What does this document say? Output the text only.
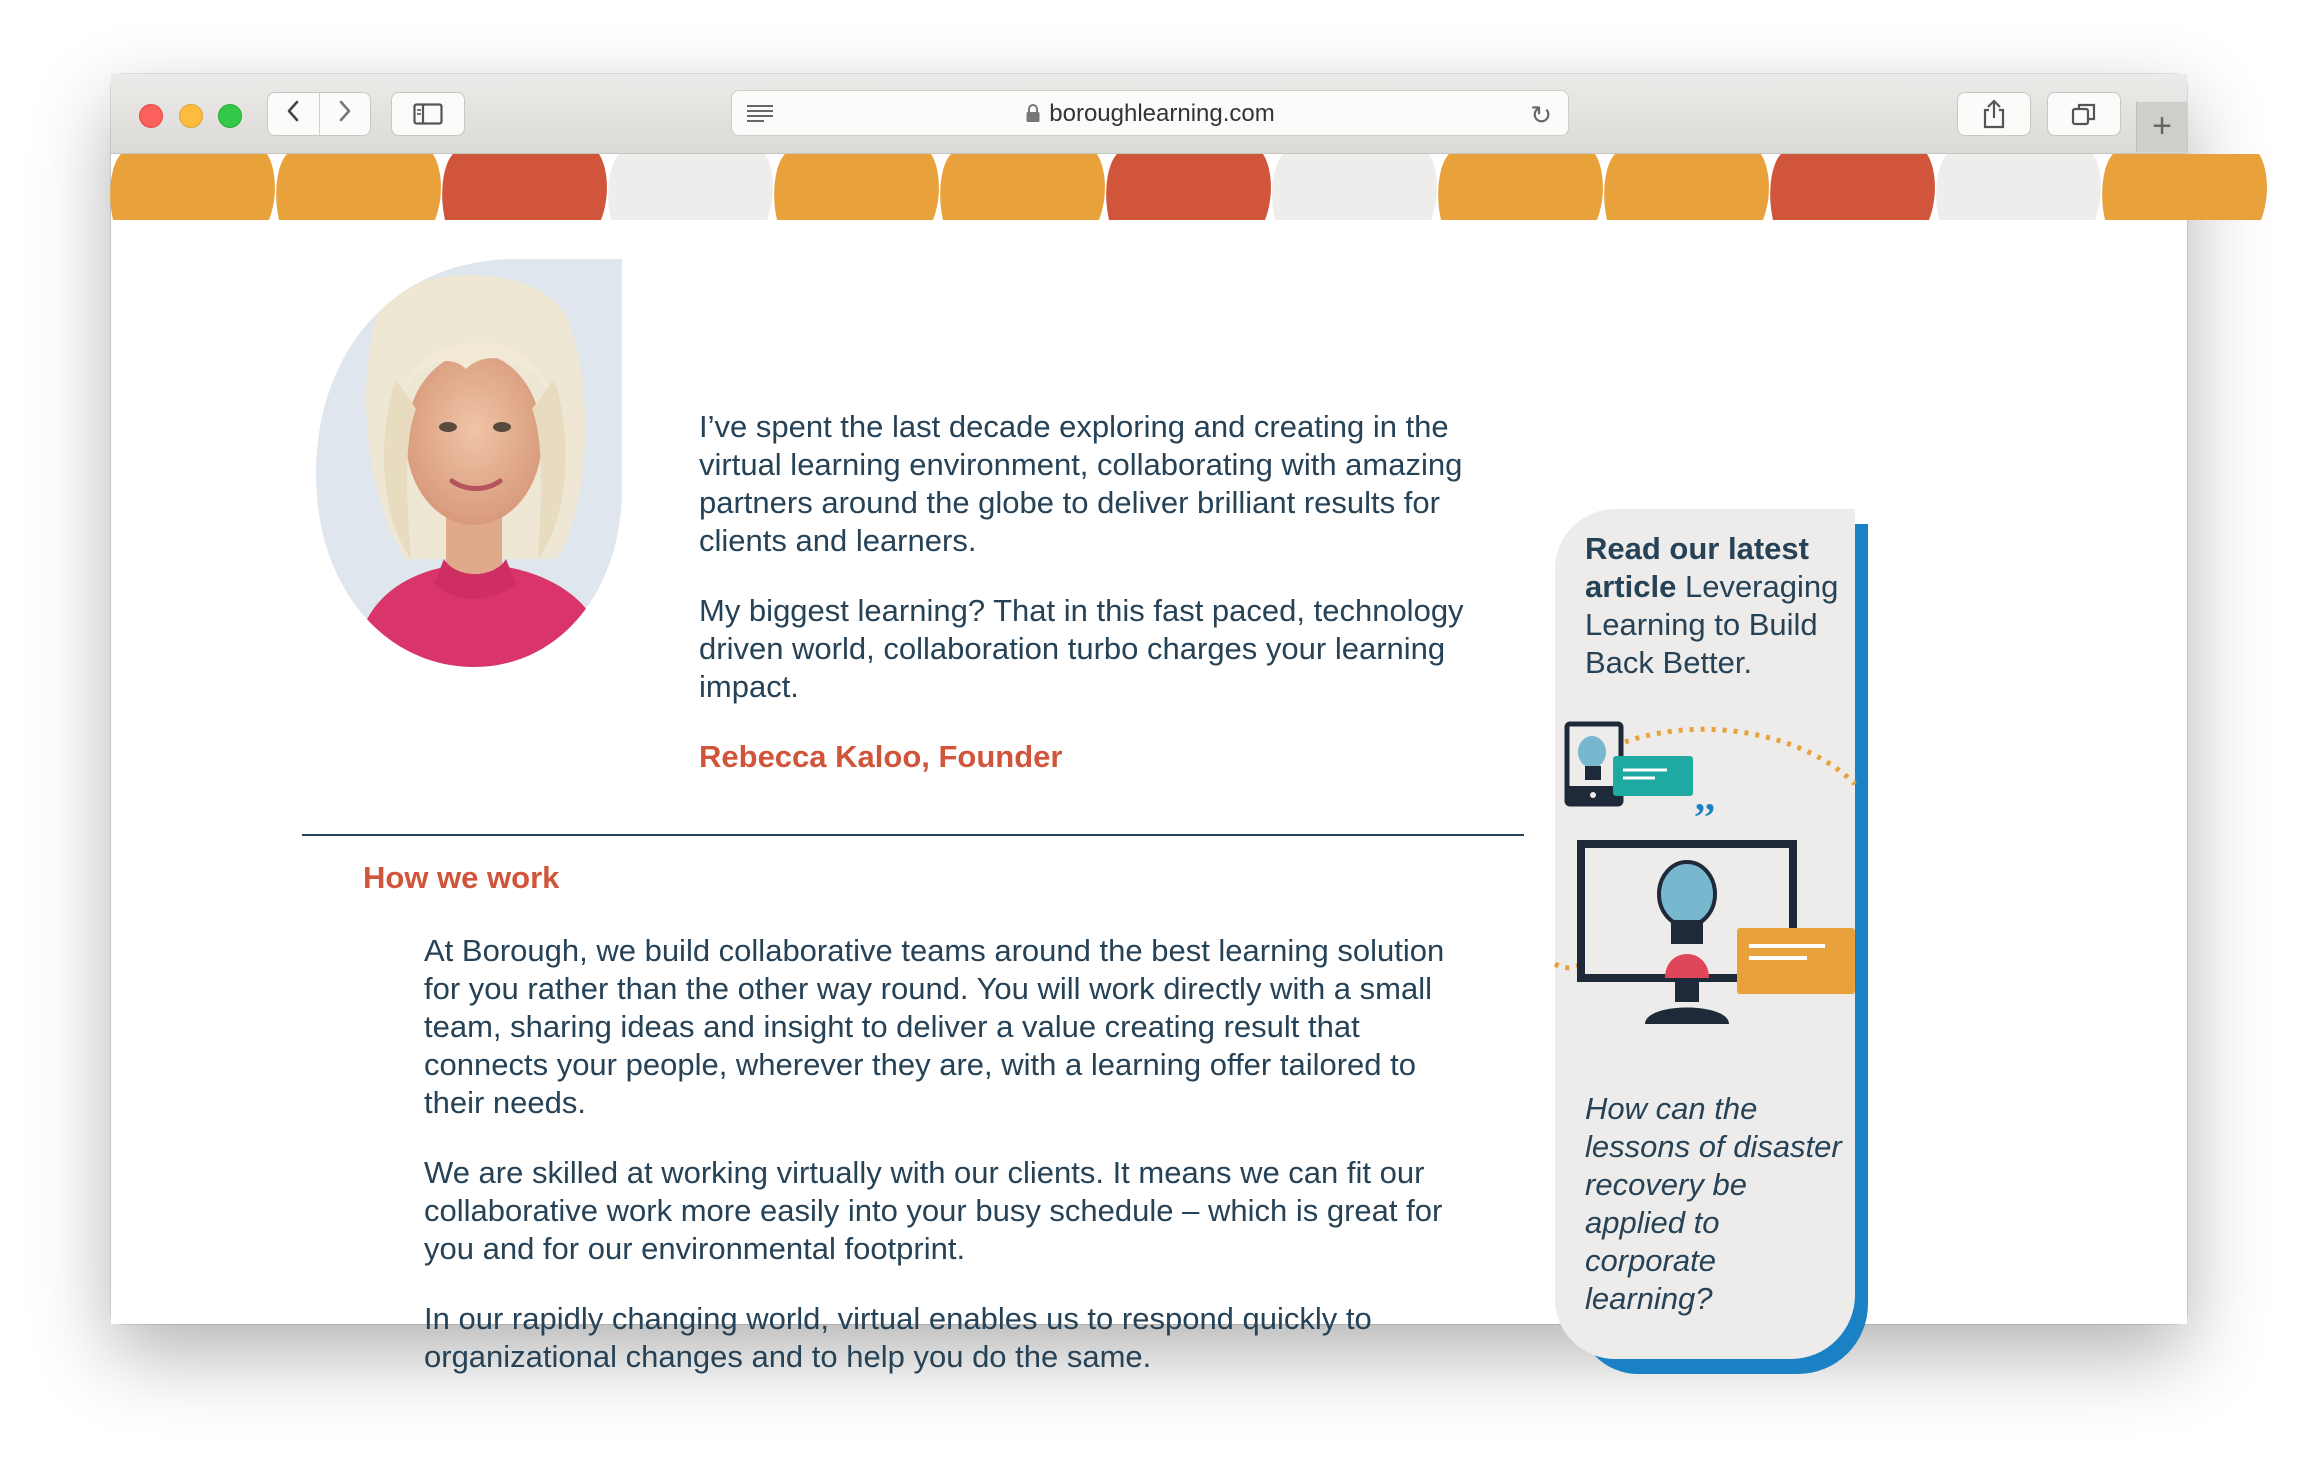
boroughlearning.com	↻	+

I’ve spent the last decade exploring and creating in the virtual learning environment, collaborating with amazing partners around the globe to deliver brilliant results for clients and learners.

My biggest learning? That in this fast paced, technology driven world, collaboration turbo charges your learning impact.

Rebecca Kaloo, Founder
How we work

At Borough, we build collaborative teams around the best learning solution for you rather than the other way round. You will work directly with a small team, sharing ideas and insight to deliver a value creating result that connects your people, wherever they are, with a learning offer tailored to their needs.

We are skilled at working virtually with our clients. It means we can fit our collaborative work more easily into your busy schedule – which is great for you and for our environmental footprint.

In our rapidly changing world, virtual enables us to respond quickly to organizational changes and to help you do the same.

Read our latest article Leveraging Learning to Build Back Better.
,,
How can the lessons of disaster recovery be applied to corporate learning?
